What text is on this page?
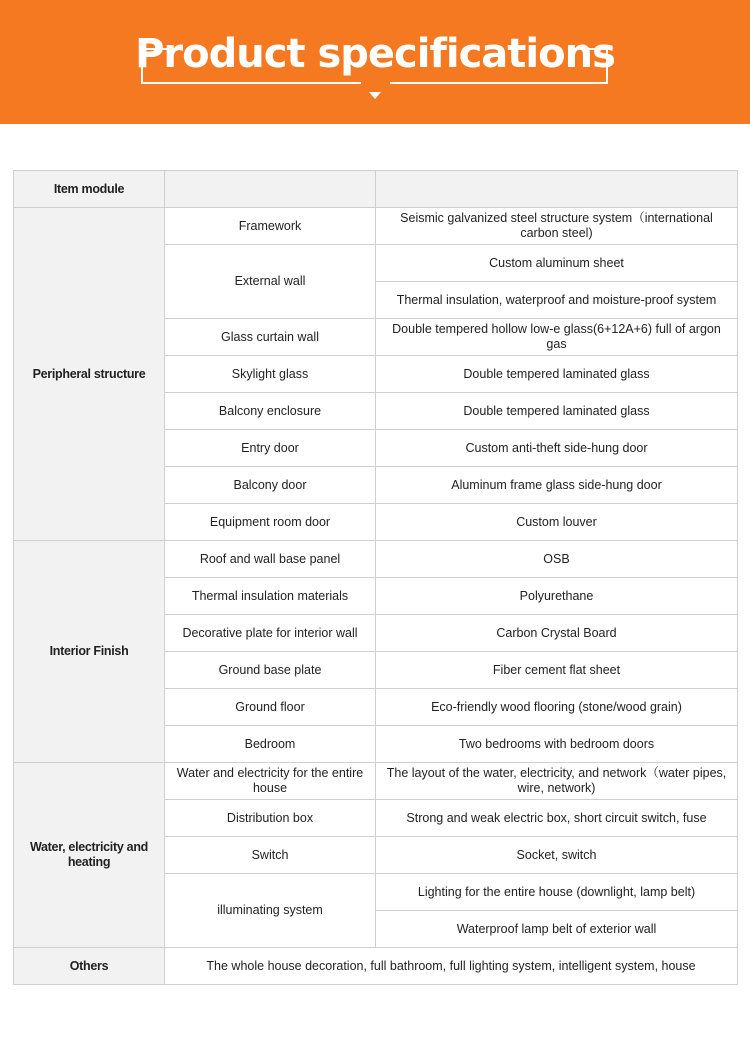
Product specifications
Item module		
Peripheral structure	Framework	Seismic galvanized steel structure system（international carbon steel)
	External wall	Custom aluminum sheet
		Thermal insulation, waterproof and moisture-proof system
	Glass curtain wall	Double tempered hollow low-e glass(6+12A+6) full of argon gas
	Skylight glass	Double tempered laminated glass
	Balcony enclosure	Double tempered laminated glass
	Entry door	Custom anti-theft side-hung door
	Balcony door	Aluminum frame glass side-hung door
	Equipment room door	Custom louver
Interior Finish	Roof and wall base panel	OSB
	Thermal insulation materials	Polyurethane
	Decorative plate for interior wall	Carbon Crystal Board
	Ground base plate	Fiber cement flat sheet
	Ground floor	Eco-friendly wood flooring (stone/wood grain)
	Bedroom	Two bedrooms with bedroom doors
Water, electricity and heating	Water and electricity for the entire house	The layout of the water, electricity, and network（water pipes, wire, network)
	Distribution box	Strong and weak electric box, short circuit switch, fuse
	Switch	Socket, switch
	illuminating system	Lighting for the entire house (downlight, lamp belt)
		Waterproof lamp belt of exterior wall
Others	The whole house decoration, full bathroom, full lighting system, intelligent system, house	
